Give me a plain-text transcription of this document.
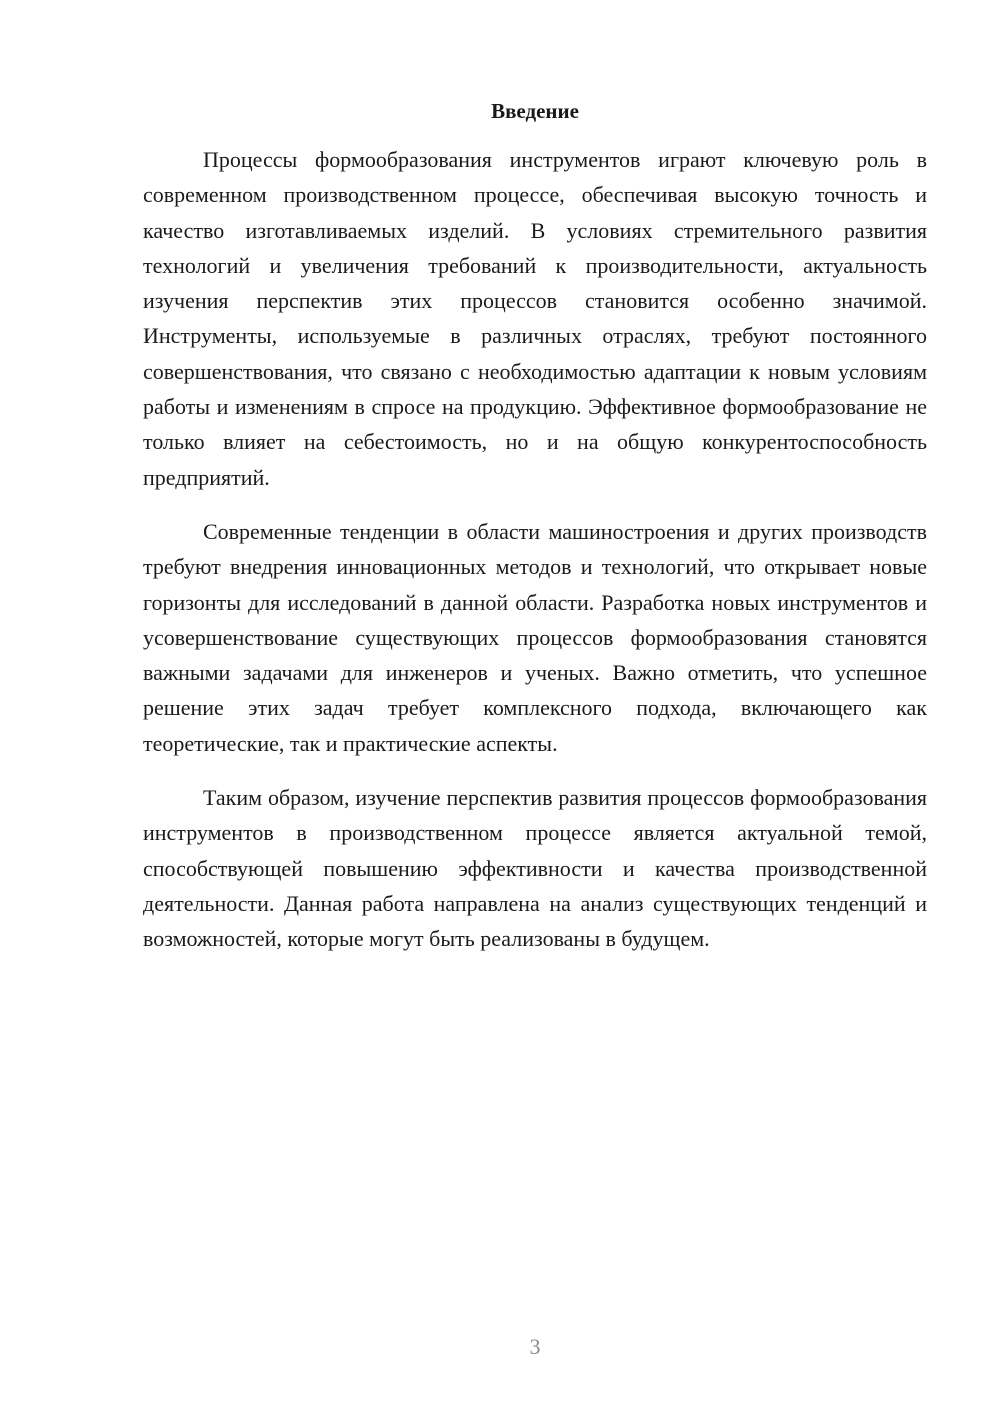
Введение

Процессы формообразования инструментов играют ключевую роль в современном производственном процессе, обеспечивая высокую точность и качество изготавливаемых изделий. В условиях стремительного развития технологий и увеличения требований к производительности, актуальность изучения перспектив этих процессов становится особенно значимой. Инструменты, используемые в различных отраслях, требуют постоянного совершенствования, что связано с необходимостью адаптации к новым условиям работы и изменениям в спросе на продукцию. Эффективное формообразование не только влияет на себестоимость, но и на общую конкурентоспособность предприятий.

Современные тенденции в области машиностроения и других производств требуют внедрения инновационных методов и технологий, что открывает новые горизонты для исследований в данной области. Разработка новых инструментов и усовершенствование существующих процессов формообразования становятся важными задачами для инженеров и ученых. Важно отметить, что успешное решение этих задач требует комплексного подхода, включающего как теоретические, так и практические аспекты.

Таким образом, изучение перспектив развития процессов формообразования инструментов в производственном процессе является актуальной темой, способствующей повышению эффективности и качества производственной деятельности. Данная работа направлена на анализ существующих тенденций и возможностей, которые могут быть реализованы в будущем.

3
